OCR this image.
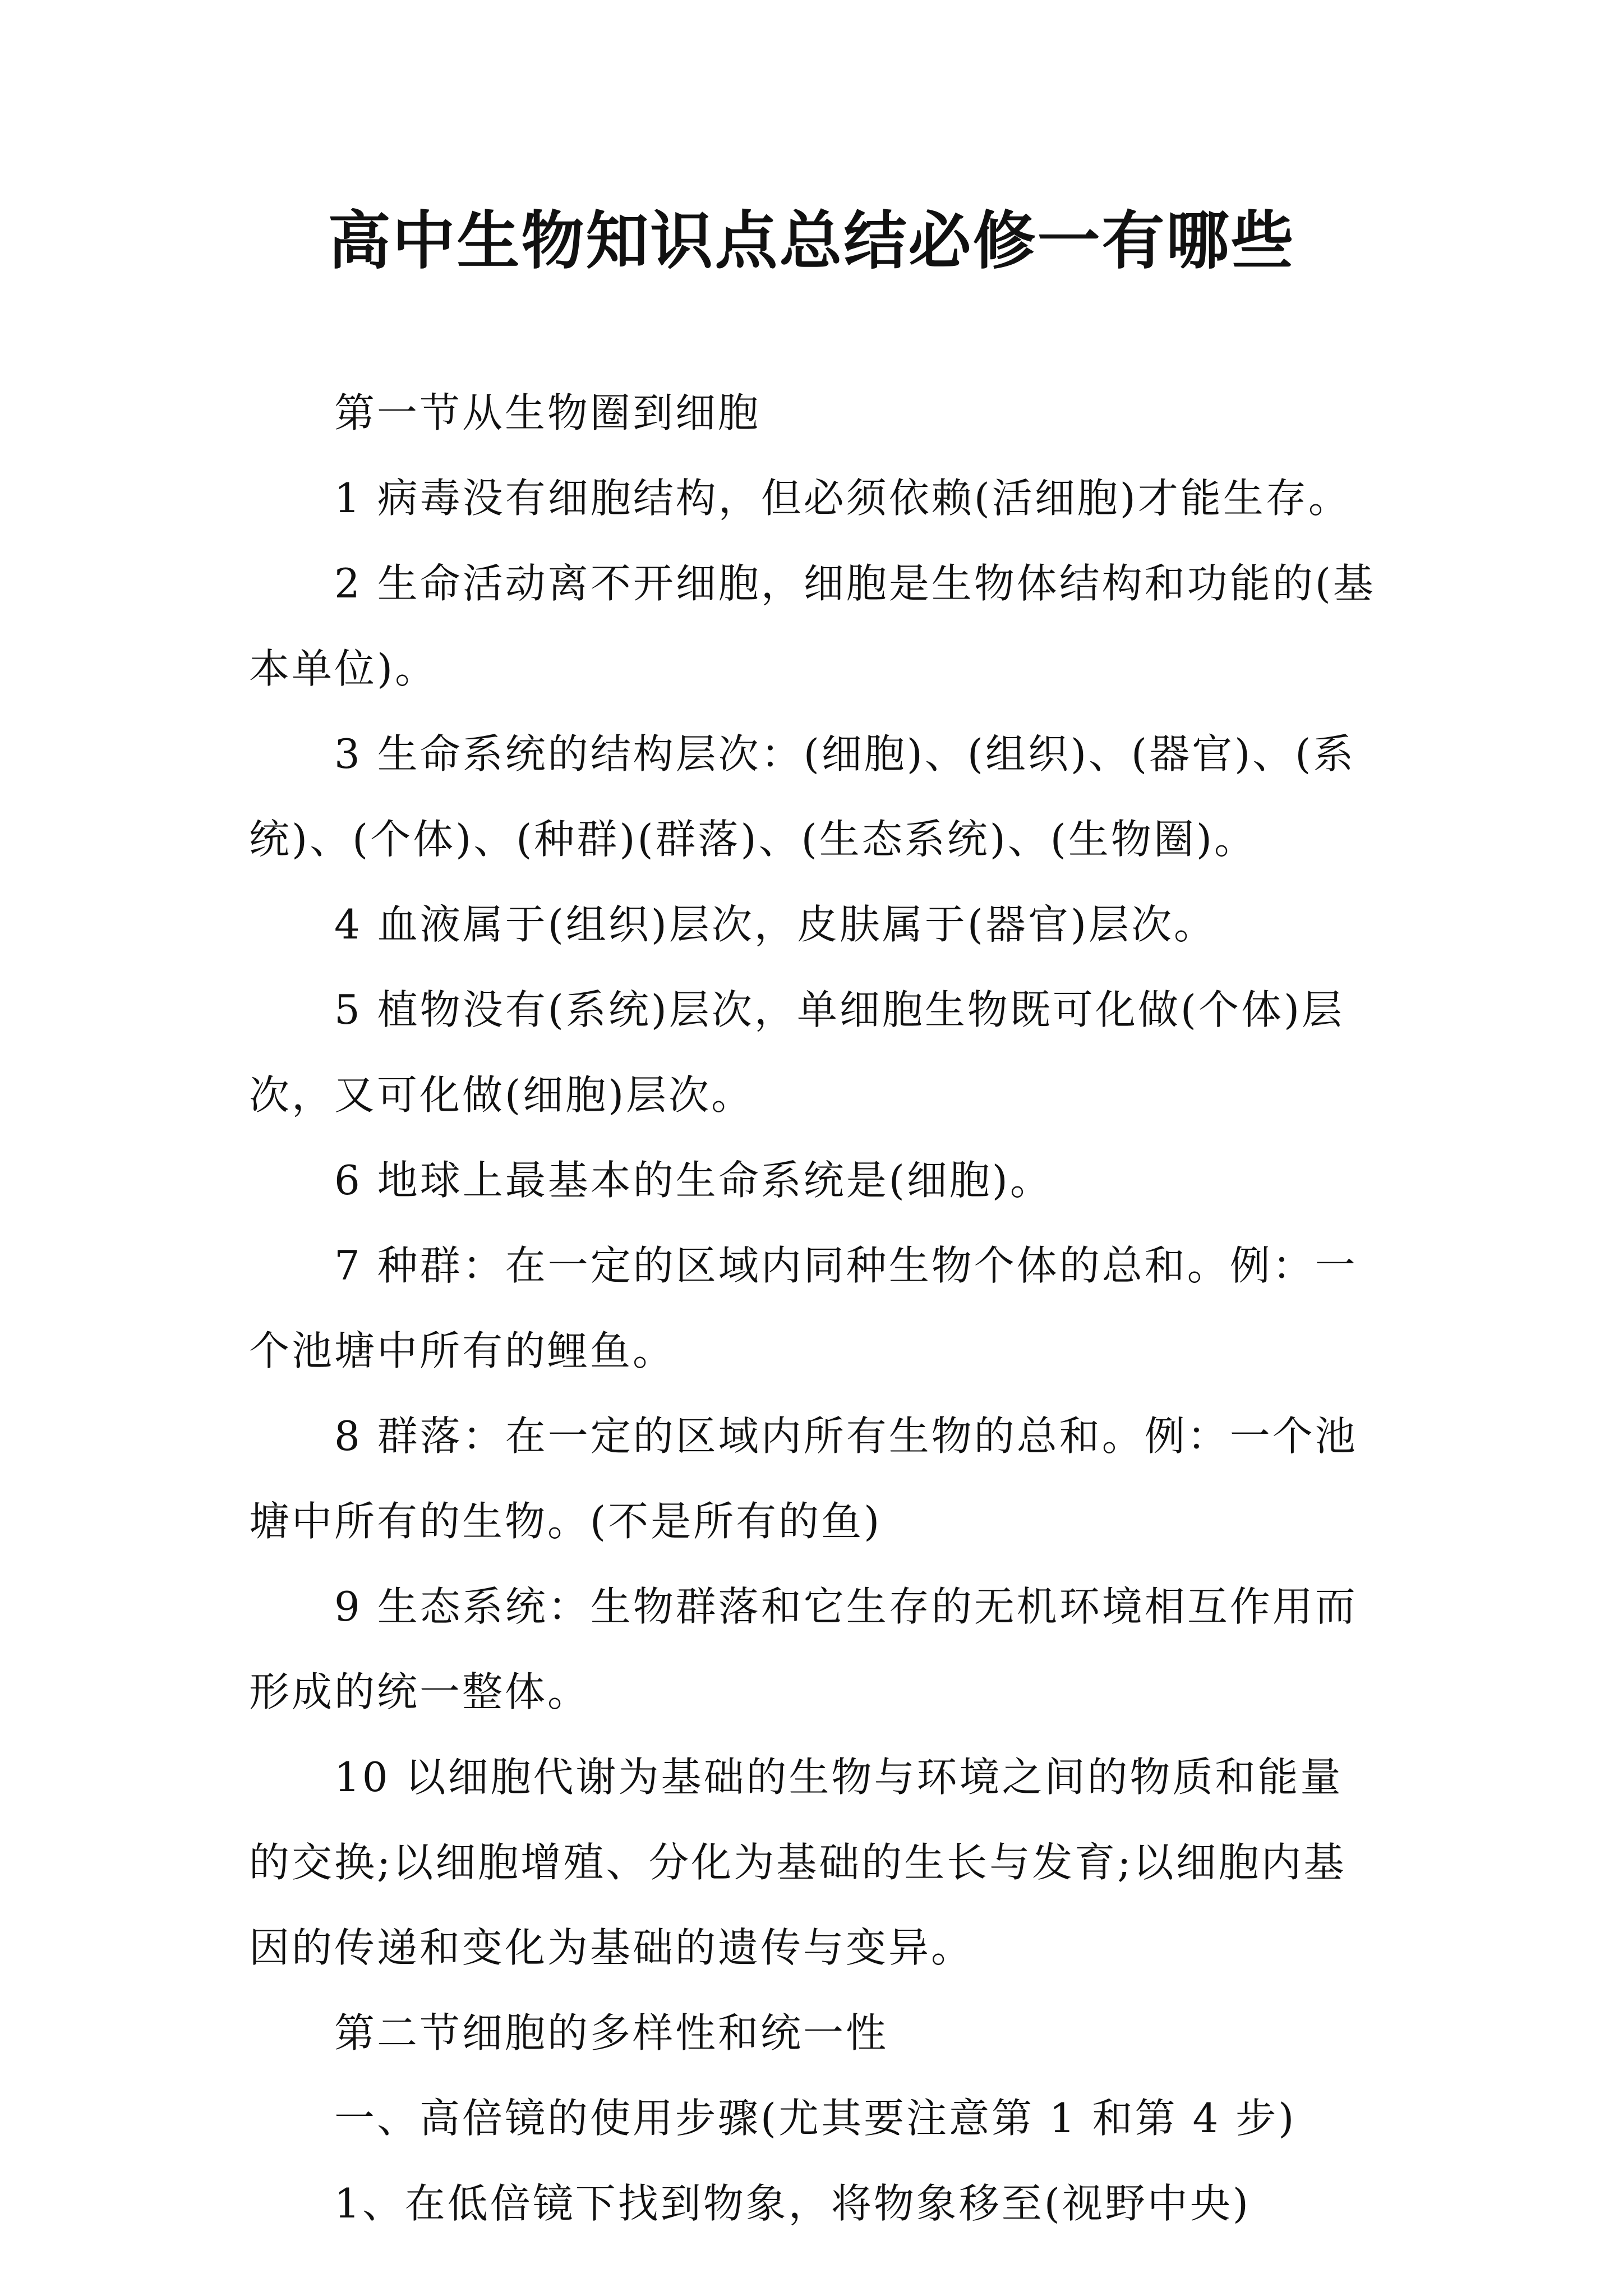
高中生物知识点总结必修一有哪些

第一节从生物圈到细胞

1 病毒没有细胞结构，但必须依赖(活细胞)才能生存。

2 生命活动离不开细胞，细胞是生物体结构和功能的(基本单位)。

3 生命系统的结构层次：(细胞)、(组织)、(器官)、(系统)、(个体)、(种群)(群落)、(生态系统)、(生物圈)。

4 血液属于(组织)层次，皮肤属于(器官)层次。

5 植物没有(系统)层次，单细胞生物既可化做(个体)层次，又可化做(细胞)层次。

6 地球上最基本的生命系统是(细胞)。

7 种群：在一定的区域内同种生物个体的总和。例：一个池塘中所有的鲤鱼。

8 群落：在一定的区域内所有生物的总和。例：一个池塘中所有的生物。(不是所有的鱼)

9 生态系统：生物群落和它生存的无机环境相互作用而形成的统一整体。

10 以细胞代谢为基础的生物与环境之间的物质和能量的交换;以细胞增殖、分化为基础的生长与发育;以细胞内基因的传递和变化为基础的遗传与变异。

第二节细胞的多样性和统一性

一、高倍镜的使用步骤(尤其要注意第 1 和第 4 步)

1、在低倍镜下找到物象，将物象移至(视野中央)
